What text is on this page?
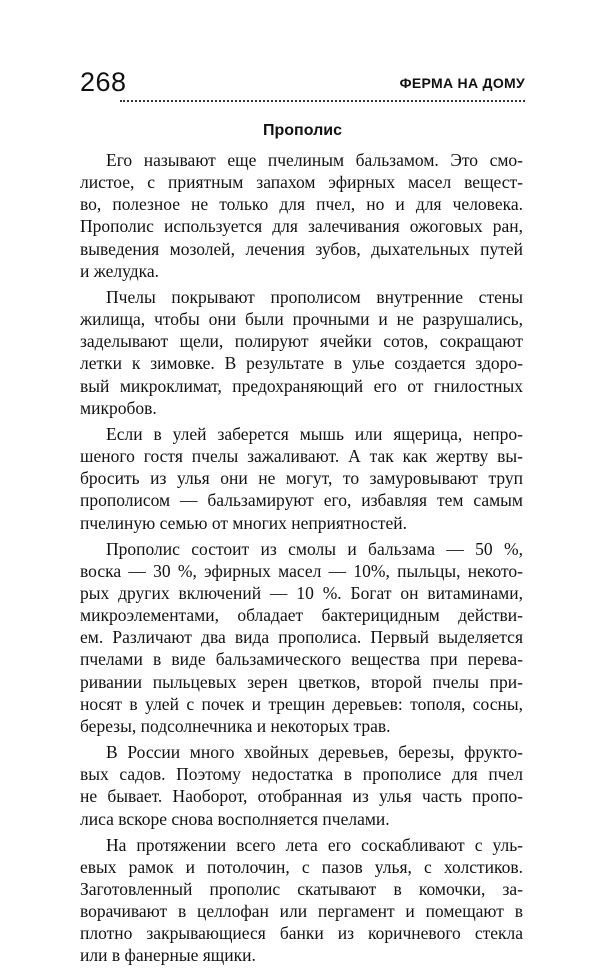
268	ФЕРМА НА ДОМУ
Прополис
Его называют еще пчелиным бальзамом. Это смо-
листое, с приятным запахом эфирных масел вещест-
во, полезное не только для пчел, но и для человека.
Прополис используется для залечивания ожоговых ран,
выведения мозолей, лечения зубов, дыхательных путей
и желудка.
Пчелы покрывают прополисом внутренние стены
жилища, чтобы они были прочными и не разрушались,
заделывают щели, полируют ячейки сотов, сокращают
летки к зимовке. В результате в улье создается здоро-
вый микроклимат, предохраняющий его от гнилостных
микробов.
Если в улей заберется мышь или ящерица, непро-
шеного гостя пчелы зажаливают. А так как жертву вы-
бросить из улья они не могут, то замуровывают труп
прополисом — бальзамируют его, избавляя тем самым
пчелиную семью от многих неприятностей.
Прополис состоит из смолы и бальзама — 50 %,
воска — 30 %, эфирных масел — 10%, пыльцы, некото-
рых других включений — 10 %. Богат он витаминами,
микроэлементами, обладает бактерицидным действи-
ем. Различают два вида прополиса. Первый выделяется
пчелами в виде бальзамического вещества при перева-
ривании пыльцевых зерен цветков, второй пчелы при-
носят в улей с почек и трещин деревьев: тополя, сосны,
березы, подсолнечника и некоторых трав.
В России много хвойных деревьев, березы, фрукто-
вых садов. Поэтому недостатка в прополисе для пчел
не бывает. Наоборот, отобранная из улья часть пропо-
лиса вскоре снова восполняется пчелами.
На протяжении всего лета его соскабливают с уль-
евых рамок и потолочин, с пазов улья, с холстиков.
Заготовленный прополис скатывают в комочки, за-
ворачивают в целлофан или пергамент и помещают в
плотно закрывающиеся банки из коричневого стекла
или в фанерные ящики.
